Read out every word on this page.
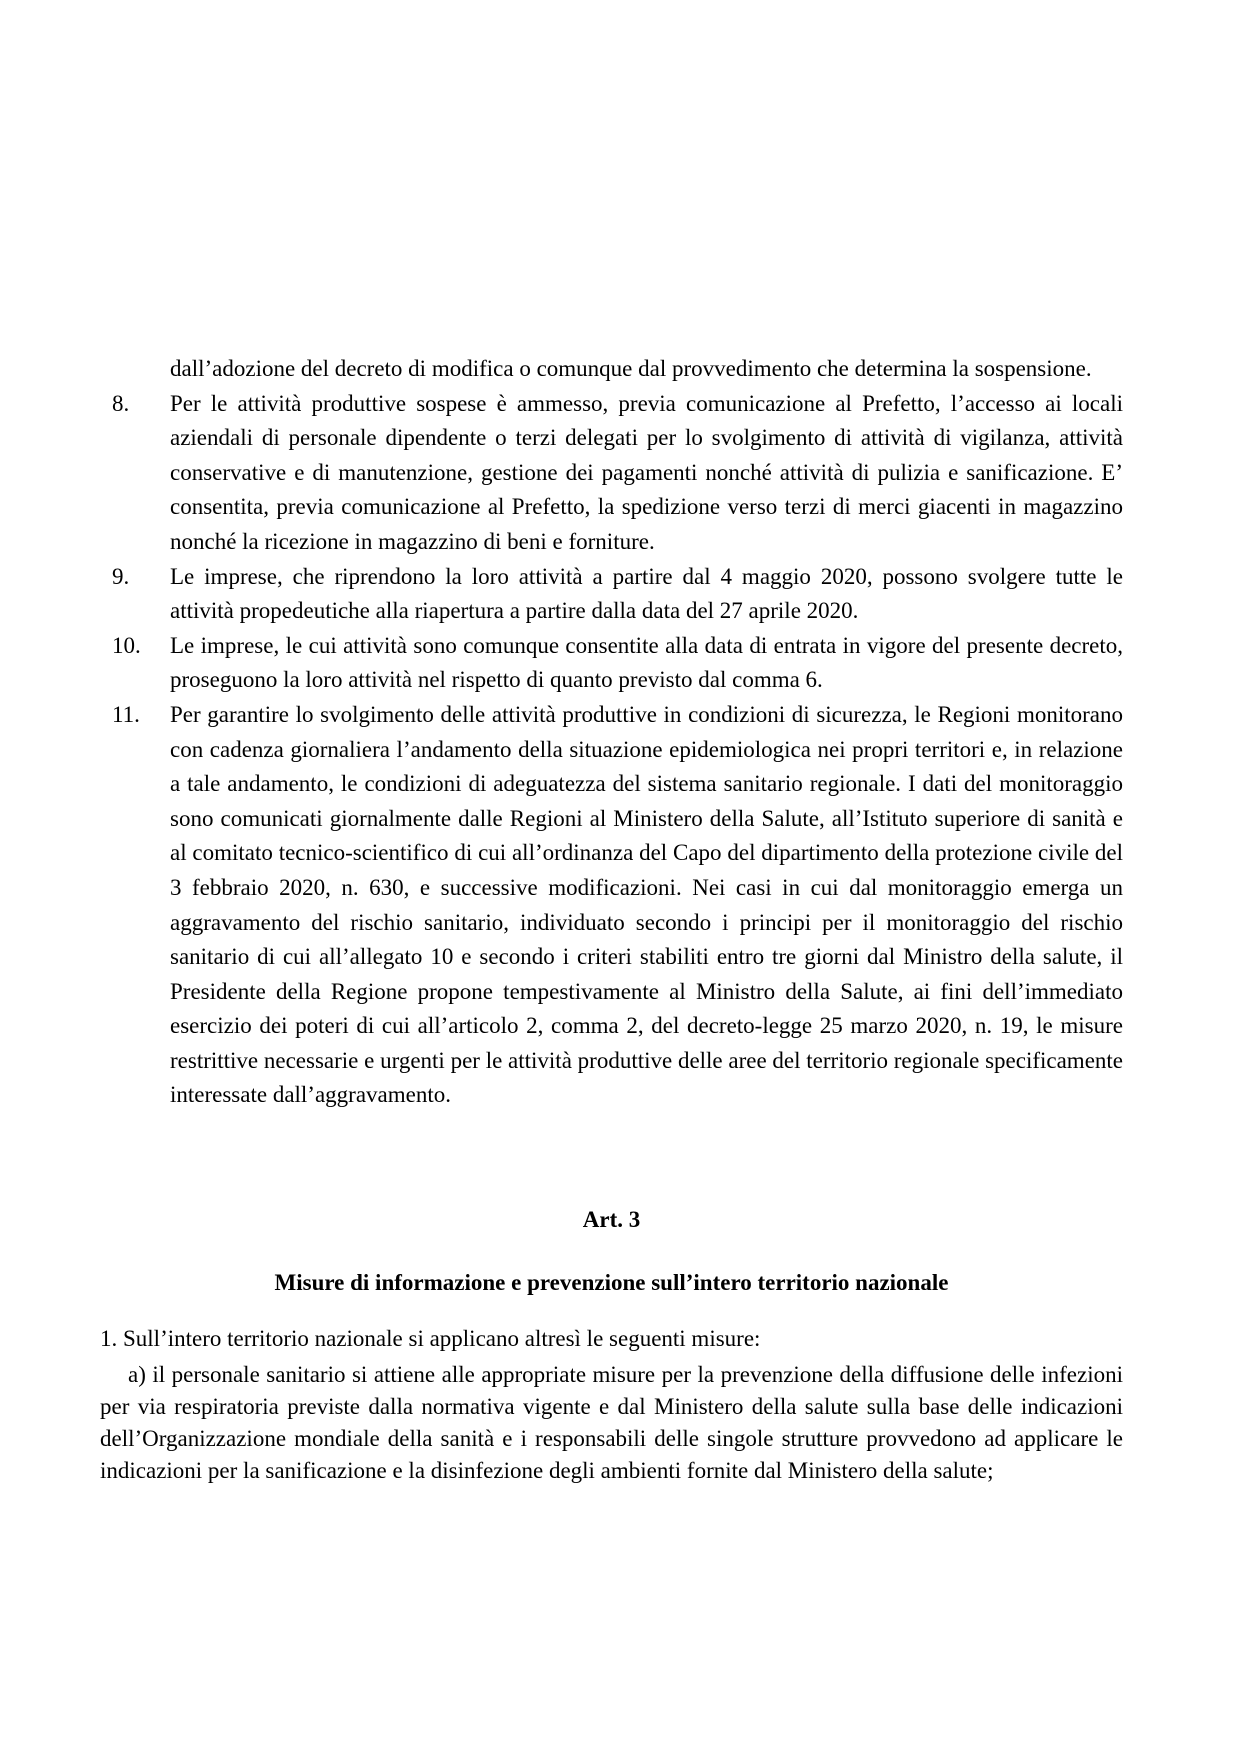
dall’adozione del decreto di modifica o comunque dal provvedimento che determina la sospensione.

8.	Per le attività produttive sospese è ammesso, previa comunicazione al Prefetto, l’accesso ai locali aziendali di personale dipendente o terzi delegati per lo svolgimento di attività di vigilanza, attività conservative e di manutenzione, gestione dei pagamenti nonché attività di pulizia e sanificazione. E’ consentita, previa comunicazione al Prefetto, la spedizione verso terzi di merci giacenti in magazzino nonché la ricezione in magazzino di beni e forniture.
9.	Le imprese, che riprendono la loro attività a partire dal 4 maggio 2020, possono svolgere tutte le attività propedeutiche alla riapertura a partire dalla data del 27 aprile 2020.
10.	Le imprese, le cui attività sono comunque consentite alla data di entrata in vigore del presente decreto, proseguono la loro attività nel rispetto di quanto previsto dal comma 6.
11.	Per garantire lo svolgimento delle attività produttive in condizioni di sicurezza, le Regioni monitorano con cadenza giornaliera l’andamento della situazione epidemiologica nei propri territori e, in relazione a tale andamento, le condizioni di adeguatezza del sistema sanitario regionale. I dati del monitoraggio sono comunicati giornalmente dalle Regioni al Ministero della Salute, all’Istituto superiore di sanità e al comitato tecnico-scientifico di cui all’ordinanza del Capo del dipartimento della protezione civile del 3 febbraio 2020, n. 630, e successive modificazioni. Nei casi in cui dal monitoraggio emerga un aggravamento del rischio sanitario, individuato secondo i principi per il monitoraggio del rischio sanitario di cui all’allegato 10 e secondo i criteri stabiliti entro tre giorni dal Ministro della salute, il Presidente della Regione propone tempestivamente al Ministro della Salute, ai fini dell’immediato esercizio dei poteri di cui all’articolo 2, comma 2, del decreto-legge 25 marzo 2020, n. 19, le misure restrittive necessarie e urgenti per le attività produttive delle aree del territorio regionale specificamente interessate dall’aggravamento.
Art. 3
Misure di informazione e prevenzione sull’intero territorio nazionale

1. Sull’intero territorio nazionale si applicano altresì le seguenti misure:

a) il personale sanitario si attiene alle appropriate misure per la prevenzione della diffusione delle infezioni per via respiratoria previste dalla normativa vigente e dal Ministero della salute sulla base delle indicazioni dell’Organizzazione mondiale della sanità e i responsabili delle singole strutture provvedono ad applicare le indicazioni per la sanificazione e la disinfezione degli ambienti fornite dal Ministero della salute;
